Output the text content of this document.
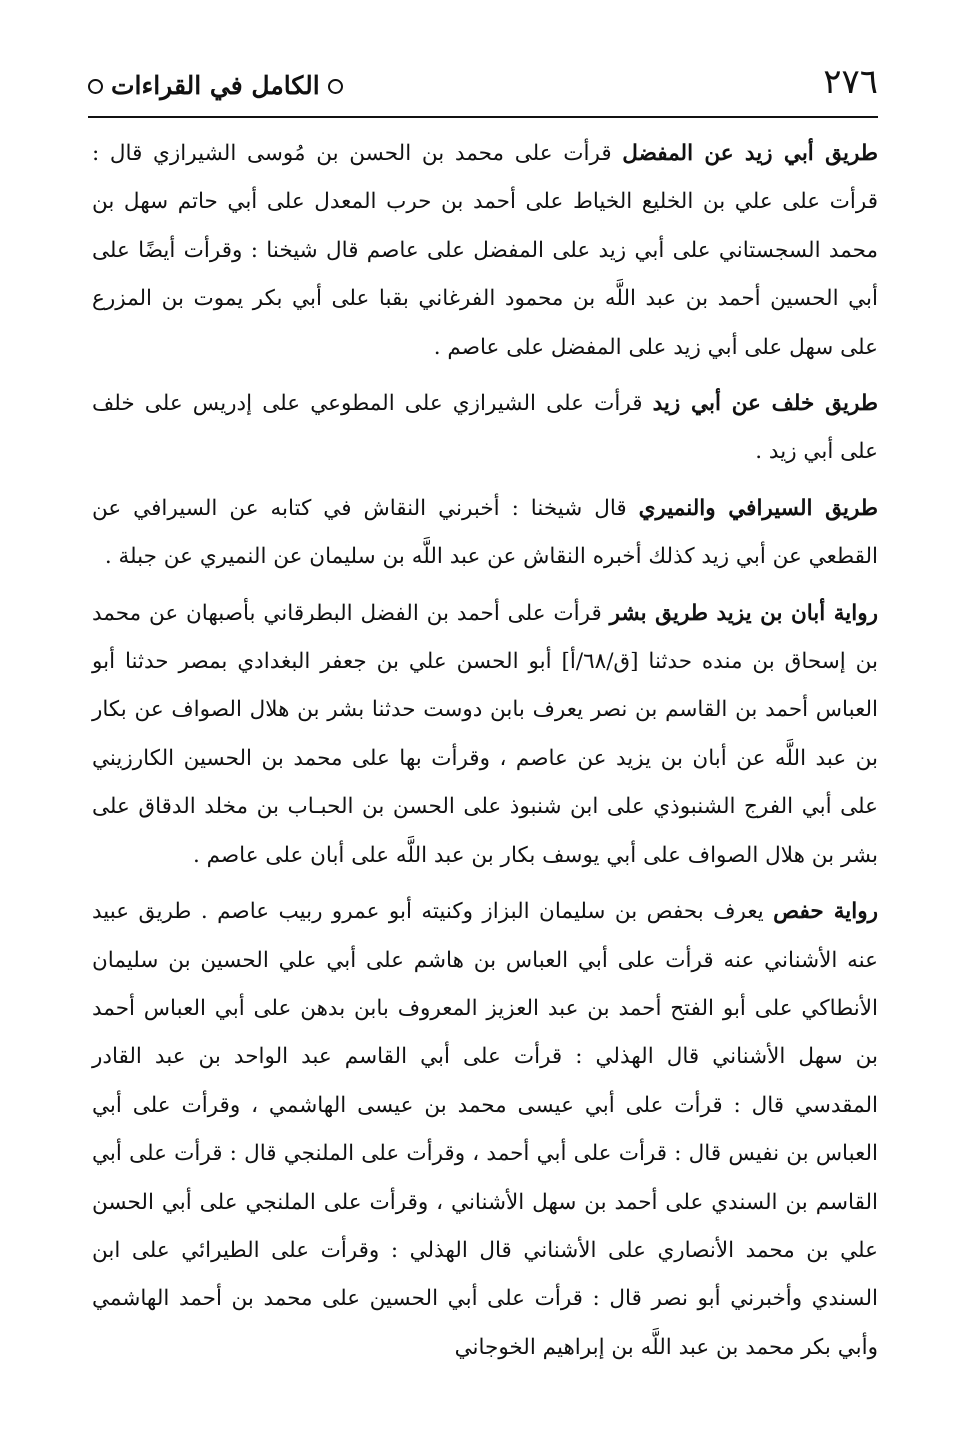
٢٧٦
الكامل في القراءات

طريق أبي زيد عن المفضل قرأت على محمد بن الحسن بن مُوسى الشيرازي قال : قرأت على علي بن الخليع الخياط على أحمد بن حرب المعدل على أبي حاتم سهل بن محمد السجستاني على أبي زيد على المفضل على عاصم قال شيخنا : وقرأت أيضًا على أبي الحسين أحمد بن عبد اللَّه بن محمود الفرغاني بقبا على أبي بكر يموت بن المزرع على سهل على أبي زيد على المفضل على عاصم .

طريق خلف عن أبي زيد قرأت على الشيرازي على المطوعي على إدريس على خلف على أبي زيد .

طريق السيرافي والنميري قال شيخنا : أخبرني النقاش في كتابه عن السيرافي عن القطعي عن أبي زيد كذلك أخبره النقاش عن عبد اللَّه بن سليمان عن النميري عن جبلة .

رواية أبان بن يزيد طريق بشر قرأت على أحمد بن الفضل البطرقاني بأصبهان عن محمد بن إسحاق بن منده حدثنا [ق/٦٨/أ] أبو الحسن علي بن جعفر البغدادي بمصر حدثنا أبو العباس أحمد بن القاسم بن نصر يعرف بابن دوست حدثنا بشر بن هلال الصواف عن بكار بن عبد اللَّه عن أبان بن يزيد عن عاصم ، وقرأت بها على محمد بن الحسين الكارزيني على أبي الفرج الشنبوذي على ابن شنبوذ على الحسن بن الحبـاب بن مخلد الدقاق على بشر بن هلال الصواف على أبي يوسف بكار بن عبد اللَّه على أبان على عاصم .

رواية حفص يعرف بحفص بن سليمان البزاز وكنيته أبو عمرو ربيب عاصم . طريق عبيد عنه الأشناني عنه قرأت على أبي العباس بن هاشم على أبي علي الحسين بن سليمان الأنطاكي على أبو الفتح أحمد بن عبد العزيز المعروف بابن بدهن على أبي العباس أحمد بن سهل الأشناني قال الهذلي : قرأت على أبي القاسم عبد الواحد بن عبد القادر المقدسي قال : قرأت على أبي عيسى محمد بن عيسى الهاشمي ، وقرأت على أبي العباس بن نفيس قال : قرأت على أبي أحمد ، وقرأت على الملنجي قال : قرأت على أبي القاسم بن السندي على أحمد بن سهل الأشناني ، وقرأت على الملنجي على أبي الحسن علي بن محمد الأنصاري على الأشناني قال الهذلي : وقرأت على الطيرائي على ابن السندي وأخبرني أبو نصر قال : قرأت على أبي الحسين على محمد بن أحمد الهاشمي وأبي بكر محمد بن عبد اللَّه بن إبراهيم الخوجاني
